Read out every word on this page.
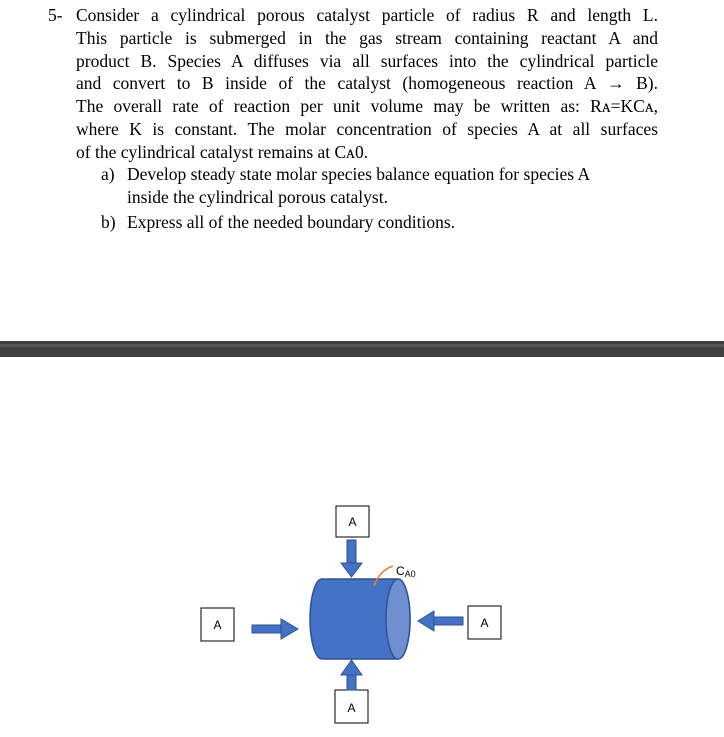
5- Consider a cylindrical porous catalyst particle of radius R and length L.
This particle is submerged in the gas stream containing reactant A and
product B. Species A diffuses via all surfaces into the cylindrical particle
and convert to B inside of the catalyst (homogeneous reaction A → B).
The overall rate of reaction per unit volume may be written as: Rᴀ=KCᴀ,
where K is constant. The molar concentration of species A at all surfaces
of the cylindrical catalyst remains at Cᴀ0.
a) Develop steady state molar species balance equation for species A
inside the cylindrical porous catalyst.
b) Express all of the needed boundary conditions.
A
A	A
A
CA0
